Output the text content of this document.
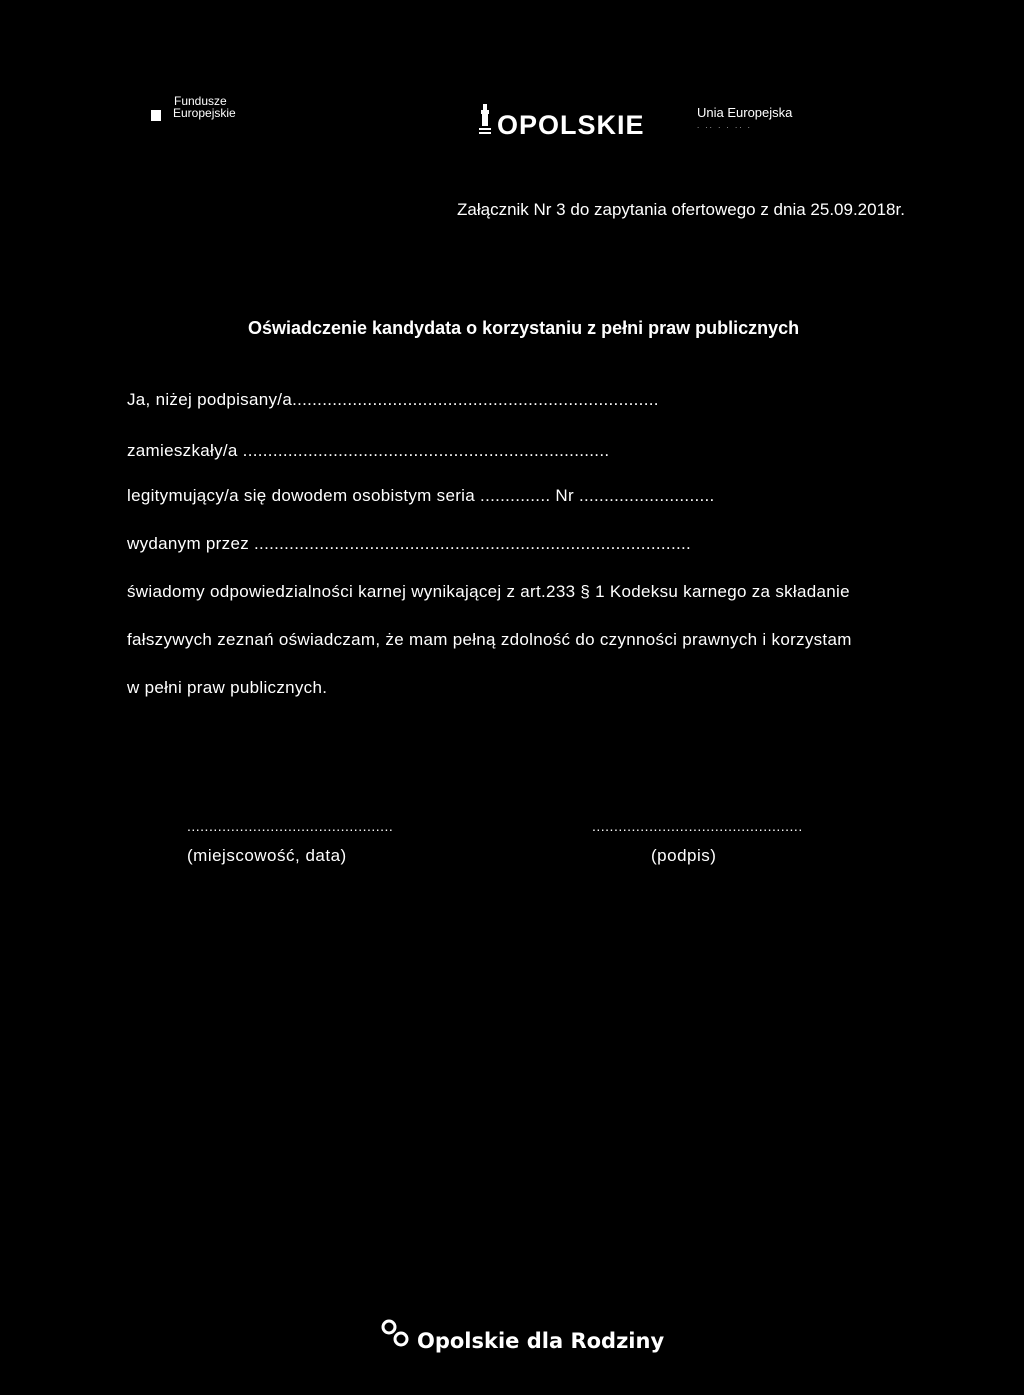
Fundusze
Europejskie	OPOLSKIE	Unia Europejska
. .. . . .. .
Załącznik Nr 3 do zapytania ofertowego z dnia 25.09.2018r.
Oświadczenie kandydata o korzystaniu z pełni praw publicznych
Ja, niżej podpisany/a.........................................................................
zamieszkały/a .........................................................................
legitymujący/a się dowodem osobistym seria .............. Nr ...........................
wydanym przez .......................................................................................
świadomy odpowiedzialności karnej wynikającej z art.233 § 1 Kodeksu karnego za składanie
fałszywych zeznań oświadczam, że mam pełną zdolność do czynności prawnych i korzystam
w pełni praw publicznych.
...............................................	................................................
(miejscowość, data)	(podpis)
Opolskie dla Rodziny
